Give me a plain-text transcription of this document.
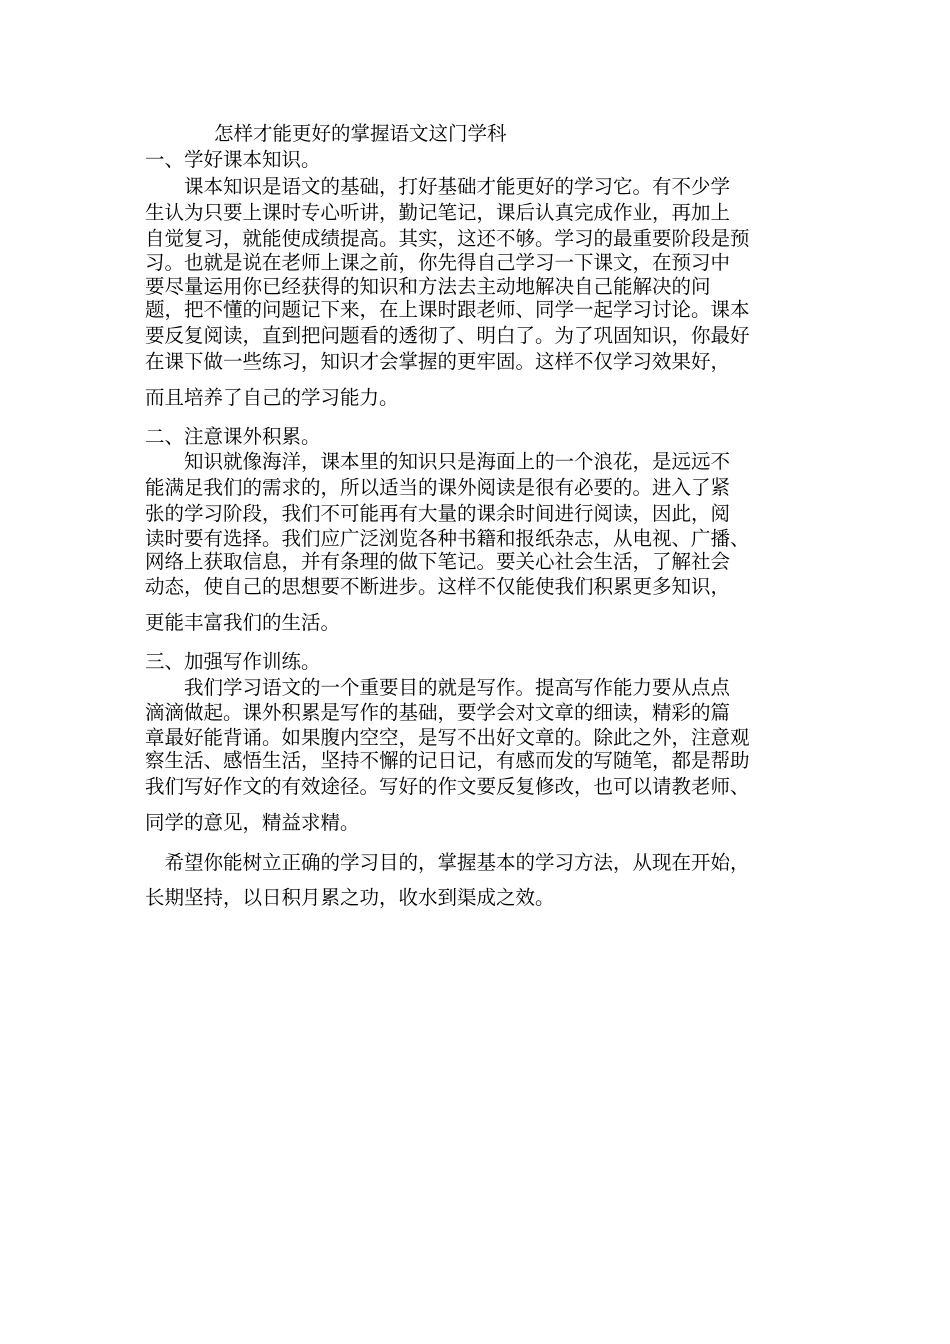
怎样才能更好的掌握语文这门学科
一、学好课本知识。
　　课本知识是语文的基础，打好基础才能更好的学习它。有不少学
生认为只要上课时专心听讲，勤记笔记，课后认真完成作业，再加上
自觉复习，就能使成绩提高。其实，这还不够。学习的最重要阶段是预
习。也就是说在老师上课之前，你先得自己学习一下课文，在预习中
要尽量运用你已经获得的知识和方法去主动地解决自己能解决的问
题，把不懂的问题记下来，在上课时跟老师、同学一起学习讨论。课本
要反复阅读，直到把问题看的透彻了、明白了。为了巩固知识，你最好
在课下做一些练习，知识才会掌握的更牢固。这样不仅学习效果好，
而且培养了自己的学习能力。
二、注意课外积累。
　　知识就像海洋，课本里的知识只是海面上的一个浪花，是远远不
能满足我们的需求的，所以适当的课外阅读是很有必要的。进入了紧
张的学习阶段，我们不可能再有大量的课余时间进行阅读，因此，阅
读时要有选择。我们应广泛浏览各种书籍和报纸杂志，从电视、广播、
网络上获取信息，并有条理的做下笔记。要关心社会生活，了解社会
动态，使自己的思想要不断进步。这样不仅能使我们积累更多知识，
更能丰富我们的生活。
三、加强写作训练。
　　我们学习语文的一个重要目的就是写作。提高写作能力要从点点
滴滴做起。课外积累是写作的基础，要学会对文章的细读，精彩的篇
章最好能背诵。如果腹内空空，是写不出好文章的。除此之外，注意观
察生活、感悟生活，坚持不懈的记日记，有感而发的写随笔，都是帮助
我们写好作文的有效途径。写好的作文要反复修改，也可以请教老师、
同学的意见，精益求精。
　希望你能树立正确的学习目的，掌握基本的学习方法，从现在开始，
长期坚持，以日积月累之功，收水到渠成之效。
